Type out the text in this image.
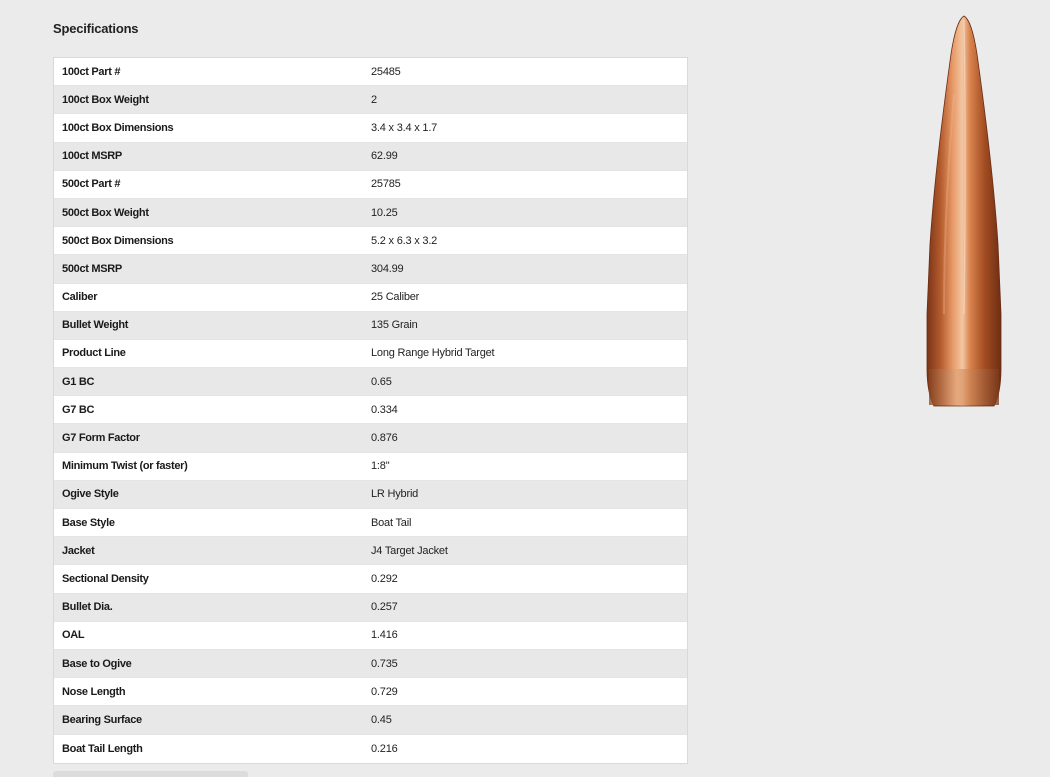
Specifications
100ct Part #	25485
100ct Box Weight	2
100ct Box Dimensions	3.4 x 3.4 x 1.7
100ct MSRP	62.99
500ct Part #	25785
500ct Box Weight	10.25
500ct Box Dimensions	5.2 x 6.3 x 3.2
500ct MSRP	304.99
Caliber	25 Caliber
Bullet Weight	135 Grain
Product Line	Long Range Hybrid Target
G1 BC	0.65
G7 BC	0.334
G7 Form Factor	0.876
Minimum Twist (or faster)	1:8"
Ogive Style	LR Hybrid
Base Style	Boat Tail
Jacket	J4 Target Jacket
Sectional Density	0.292
Bullet Dia.	0.257
OAL	1.416
Base to Ogive	0.735
Nose Length	0.729
Bearing Surface	0.45
Boat Tail Length	0.216
